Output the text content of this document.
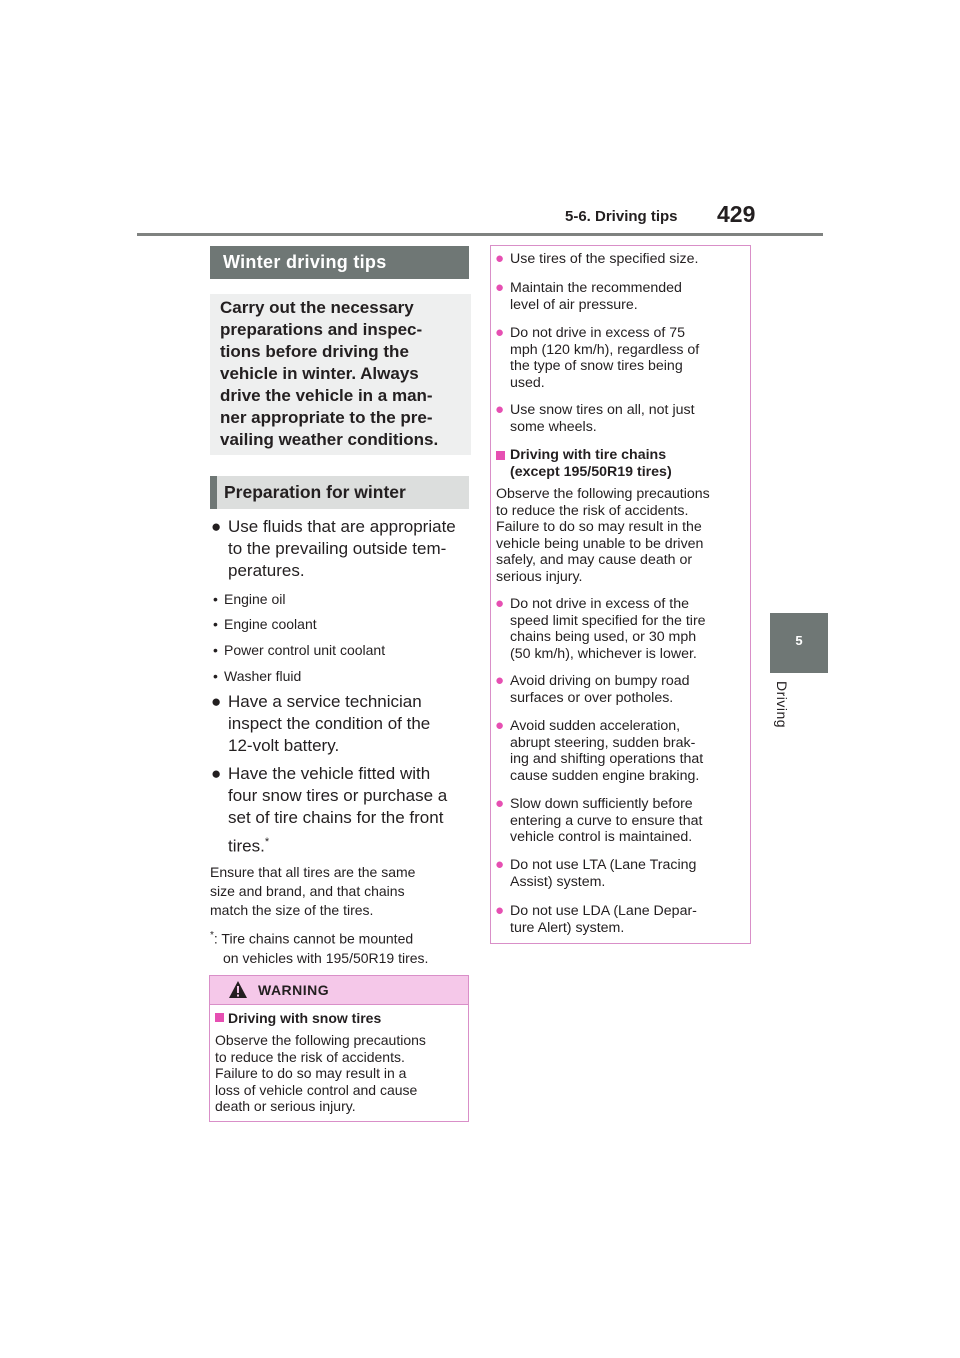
5-6. Driving tips 429
5
Driving
Winter driving tips
Carry out the necessary
preparations and inspec-
tions before driving the
vehicle in winter. Always
drive the vehicle in a man-
ner appropriate to the pre-
vailing weather conditions.
Preparation for winter
● Use fluids that are appropriate
to the prevailing outside tem-
peratures.
• Engine oil
• Engine coolant
• Power control unit coolant
• Washer fluid
● Have a service technician
inspect the condition of the
12-volt battery.
● Have the vehicle fitted with
four snow tires or purchase a
set of tire chains for the front
tires.*
Ensure that all tires are the same
size and brand, and that chains
match the size of the tires.
*: Tire chains cannot be mounted
on vehicles with 195/50R19 tires.
WARNING
Driving with snow tires
Observe the following precautions
to reduce the risk of accidents.
Failure to do so may result in a
loss of vehicle control and cause
death or serious injury.
● Use tires of the specified size.
● Maintain the recommended
level of air pressure.
● Do not drive in excess of 75
mph (120 km/h), regardless of
the type of snow tires being
used.
● Use snow tires on all, not just
some wheels.
Driving with tire chains
(except 195/50R19 tires)
Observe the following precautions
to reduce the risk of accidents.
Failure to do so may result in the
vehicle being unable to be driven
safely, and may cause death or
serious injury.
● Do not drive in excess of the
speed limit specified for the tire
chains being used, or 30 mph
(50 km/h), whichever is lower.
● Avoid driving on bumpy road
surfaces or over potholes.
● Avoid sudden acceleration,
abrupt steering, sudden brak-
ing and shifting operations that
cause sudden engine braking.
● Slow down sufficiently before
entering a curve to ensure that
vehicle control is maintained.
● Do not use LTA (Lane Tracing
Assist) system.
● Do not use LDA (Lane Depar-
ture Alert) system.
